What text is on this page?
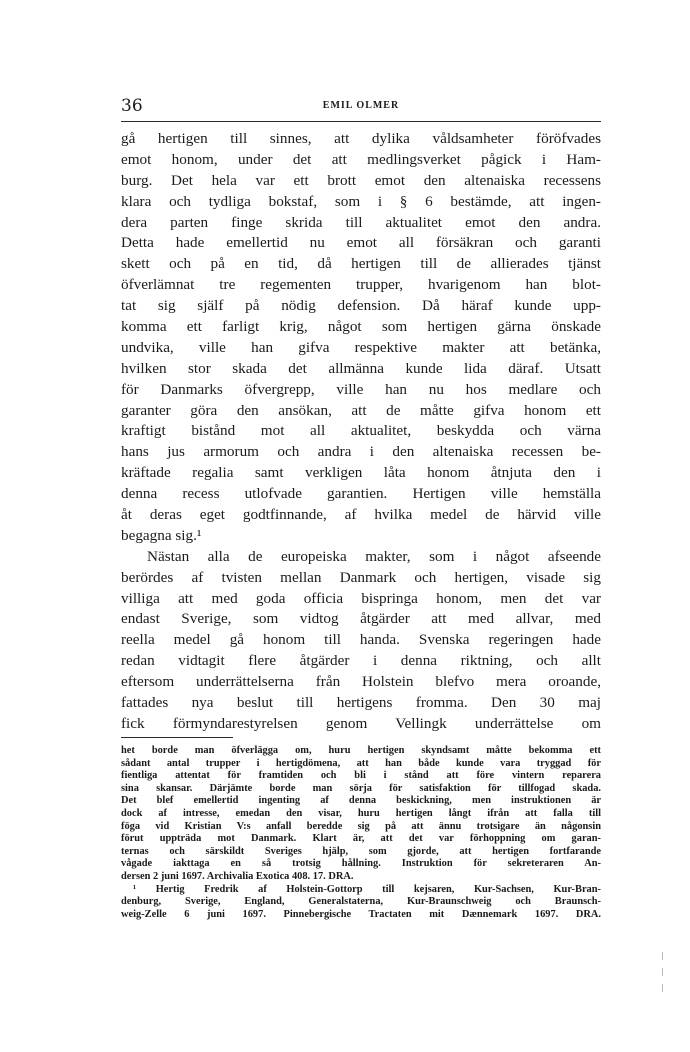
36	EMIL OLMER
gå hertigen till sinnes, att dylika våldsamheter föröfvades
emot honom, under det att medlingsverket pågick i Ham-
burg. Det hela var ett brott emot den altenaiska recessens
klara och tydliga bokstaf, som i § 6 bestämde, att ingen-
dera parten finge skrida till aktualitet emot den andra.
Detta hade emellertid nu emot all försäkran och garanti
skett och på en tid, då hertigen till de allierades tjänst
öfverlämnat tre regementen trupper, hvarigenom han blot-
tat sig själf på nödig defension. Då häraf kunde upp-
komma ett farligt krig, något som hertigen gärna önskade
undvika, ville han gifva respektive makter att betänka,
hvilken stor skada det allmänna kunde lida däraf. Utsatt
för Danmarks öfvergrepp, ville han nu hos medlare och
garanter göra den ansökan, att de måtte gifva honom ett
kraftigt bistånd mot all aktualitet, beskydda och värna
hans jus armorum och andra i den altenaiska recessen be-
kräftade regalia samt verkligen låta honom åtnjuta den i
denna recess utlofvade garantien. Hertigen ville hemställa
åt deras eget godtfinnande, af hvilka medel de härvid ville
begagna sig.¹
Nästan alla de europeiska makter, som i något afseende
berördes af tvisten mellan Danmark och hertigen, visade sig
villiga att med goda officia bispringa honom, men det var
endast Sverige, som vidtog åtgärder att med allvar, med
reella medel gå honom till handa. Svenska regeringen hade
redan vidtagit flere åtgärder i denna riktning, och allt
eftersom underrättelserna från Holstein blefvo mera oroande,
fattades nya beslut till hertigens fromma. Den 30 maj
fick förmyndarestyrelsen genom Vellingk underrättelse om
het borde man öfverlägga om, huru hertigen skyndsamt måtte bekomma ett
sådant antal trupper i hertigdömena, att han både kunde vara tryggad för
fientliga attentat för framtiden och bli i stånd att före vintern reparera
sina skansar. Därjämte borde man sörja för satisfaktion för tillfogad skada.
Det blef emellertid ingenting af denna beskickning, men instruktionen är
dock af intresse, emedan den visar, huru hertigen långt ifrån att falla till
föga vid Kristian V:s anfall beredde sig på att ännu trotsigare än någonsin
förut uppträda mot Danmark. Klart är, att det var förhoppning om garan-
ternas och särskildt Sveriges hjälp, som gjorde, att hertigen fortfarande
vågade iakttaga en så trotsig hållning. Instruktion för sekreteraren An-
dersen 2 juni 1697. Archivalia Exotica 408. 17. DRA.
¹ Hertig Fredrik af Holstein-Gottorp till kejsaren, Kur-Sachsen, Kur-Bran-
denburg, Sverige, England, Generalstaterna, Kur-Braunschweig och Braunsch-
weig-Zelle 6 juni 1697. Pinnebergische Tractaten mit Dænnemark 1697. DRA.
